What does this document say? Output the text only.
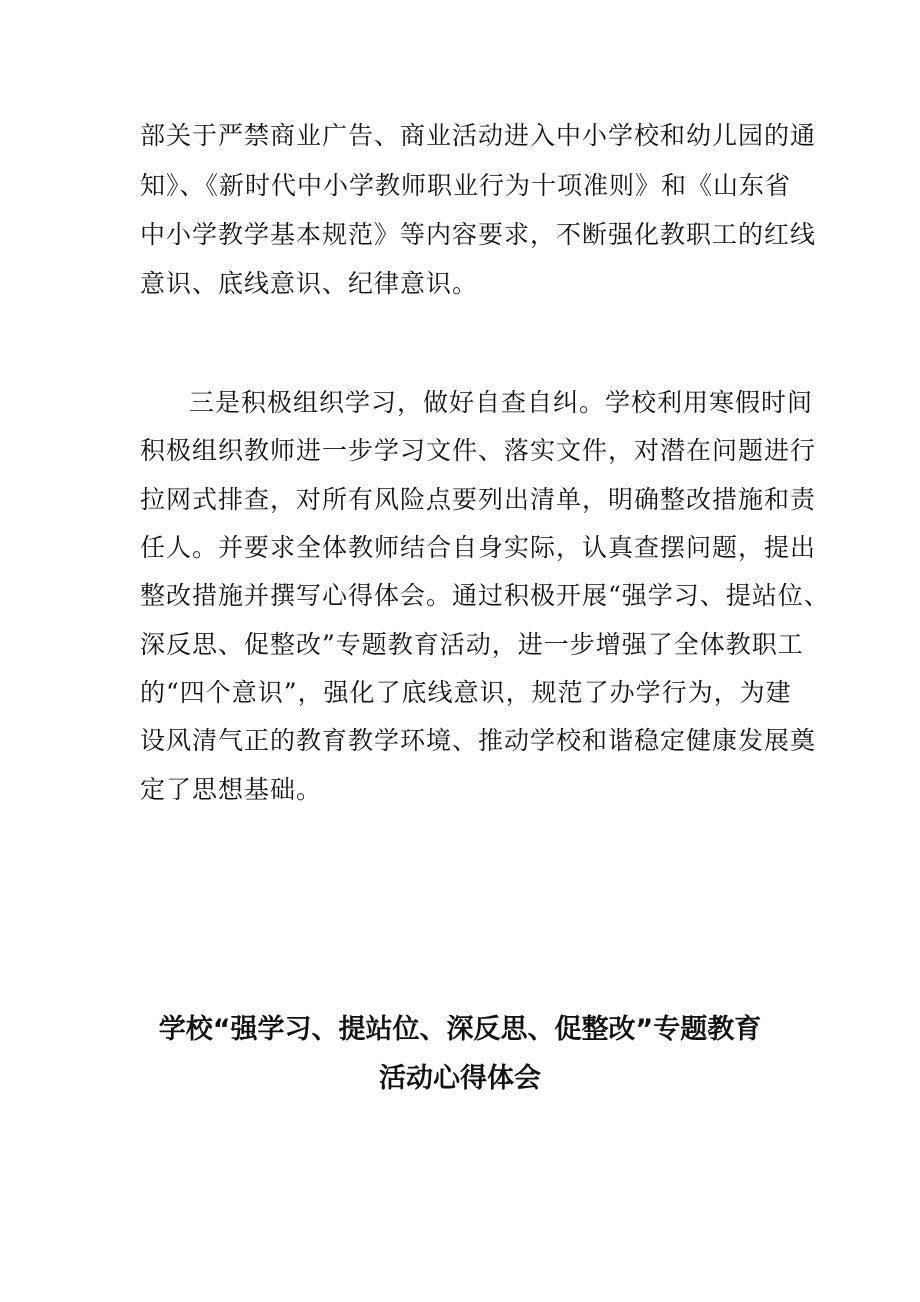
部关于严禁商业广告、商业活动进入中小学校和幼儿园的通
知》、《新时代中小学教师职业行为十项准则》和《山东省
中小学教学基本规范》等内容要求，不断强化教职工的红线
意识、底线意识、纪律意识。
三是积极组织学习，做好自查自纠。学校利用寒假时间
积极组织教师进一步学习文件、落实文件，对潜在问题进行
拉网式排查，对所有风险点要列出清单，明确整改措施和责
任人。并要求全体教师结合自身实际，认真查摆问题，提出
整改措施并撰写心得体会。通过积极开展“强学习、提站位、
深反思、促整改”专题教育活动，进一步增强了全体教职工
的“四个意识”，强化了底线意识，规范了办学行为，为建
设风清气正的教育教学环境、推动学校和谐稳定健康发展奠
定了思想基础。
学校“强学习、提站位、深反思、促整改”专题教育
活动心得体会
